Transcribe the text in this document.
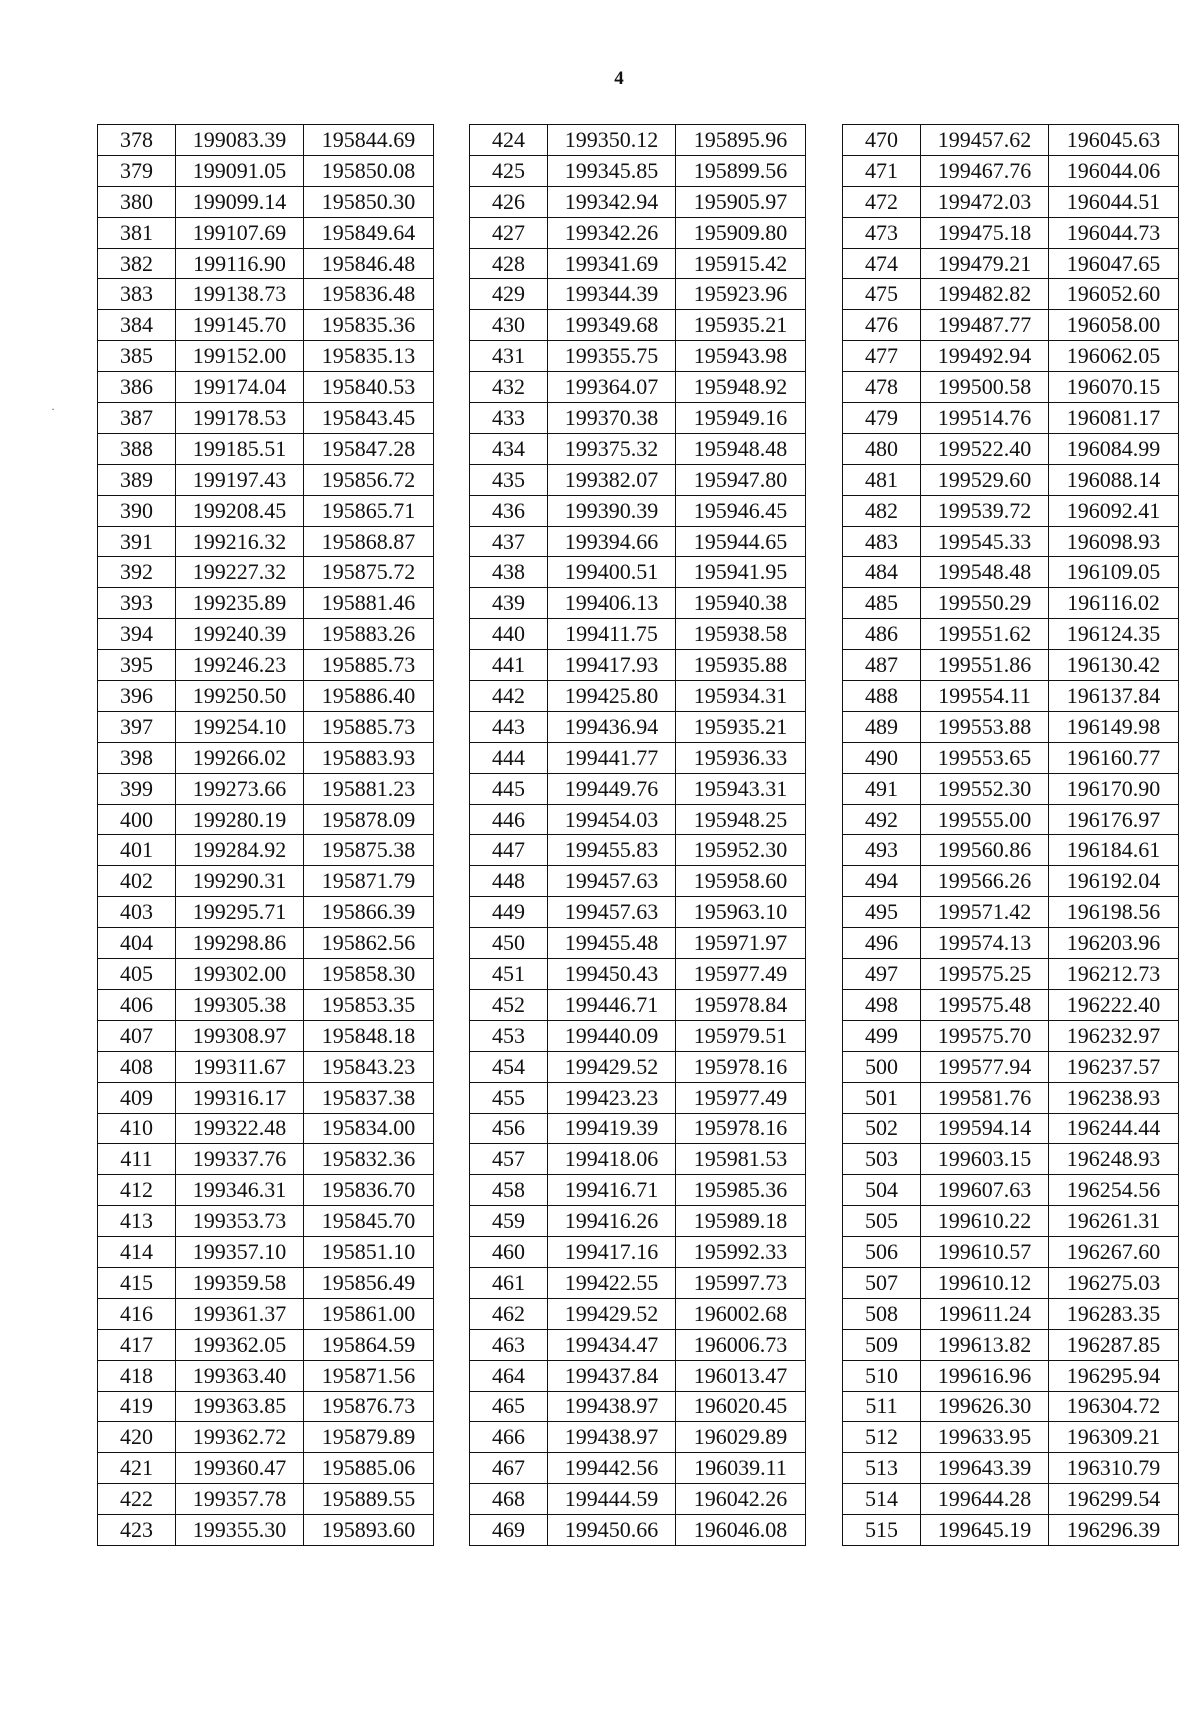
4
·
378	199083.39	195844.69
379	199091.05	195850.08
380	199099.14	195850.30
381	199107.69	195849.64
382	199116.90	195846.48
383	199138.73	195836.48
384	199145.70	195835.36
385	199152.00	195835.13
386	199174.04	195840.53
387	199178.53	195843.45
388	199185.51	195847.28
389	199197.43	195856.72
390	199208.45	195865.71
391	199216.32	195868.87
392	199227.32	195875.72
393	199235.89	195881.46
394	199240.39	195883.26
395	199246.23	195885.73
396	199250.50	195886.40
397	199254.10	195885.73
398	199266.02	195883.93
399	199273.66	195881.23
400	199280.19	195878.09
401	199284.92	195875.38
402	199290.31	195871.79
403	199295.71	195866.39
404	199298.86	195862.56
405	199302.00	195858.30
406	199305.38	195853.35
407	199308.97	195848.18
408	199311.67	195843.23
409	199316.17	195837.38
410	199322.48	195834.00
411	199337.76	195832.36
412	199346.31	195836.70
413	199353.73	195845.70
414	199357.10	195851.10
415	199359.58	195856.49
416	199361.37	195861.00
417	199362.05	195864.59
418	199363.40	195871.56
419	199363.85	195876.73
420	199362.72	195879.89
421	199360.47	195885.06
422	199357.78	195889.55
423	199355.30	195893.60
424	199350.12	195895.96
425	199345.85	195899.56
426	199342.94	195905.97
427	199342.26	195909.80
428	199341.69	195915.42
429	199344.39	195923.96
430	199349.68	195935.21
431	199355.75	195943.98
432	199364.07	195948.92
433	199370.38	195949.16
434	199375.32	195948.48
435	199382.07	195947.80
436	199390.39	195946.45
437	199394.66	195944.65
438	199400.51	195941.95
439	199406.13	195940.38
440	199411.75	195938.58
441	199417.93	195935.88
442	199425.80	195934.31
443	199436.94	195935.21
444	199441.77	195936.33
445	199449.76	195943.31
446	199454.03	195948.25
447	199455.83	195952.30
448	199457.63	195958.60
449	199457.63	195963.10
450	199455.48	195971.97
451	199450.43	195977.49
452	199446.71	195978.84
453	199440.09	195979.51
454	199429.52	195978.16
455	199423.23	195977.49
456	199419.39	195978.16
457	199418.06	195981.53
458	199416.71	195985.36
459	199416.26	195989.18
460	199417.16	195992.33
461	199422.55	195997.73
462	199429.52	196002.68
463	199434.47	196006.73
464	199437.84	196013.47
465	199438.97	196020.45
466	199438.97	196029.89
467	199442.56	196039.11
468	199444.59	196042.26
469	199450.66	196046.08
470	199457.62	196045.63
471	199467.76	196044.06
472	199472.03	196044.51
473	199475.18	196044.73
474	199479.21	196047.65
475	199482.82	196052.60
476	199487.77	196058.00
477	199492.94	196062.05
478	199500.58	196070.15
479	199514.76	196081.17
480	199522.40	196084.99
481	199529.60	196088.14
482	199539.72	196092.41
483	199545.33	196098.93
484	199548.48	196109.05
485	199550.29	196116.02
486	199551.62	196124.35
487	199551.86	196130.42
488	199554.11	196137.84
489	199553.88	196149.98
490	199553.65	196160.77
491	199552.30	196170.90
492	199555.00	196176.97
493	199560.86	196184.61
494	199566.26	196192.04
495	199571.42	196198.56
496	199574.13	196203.96
497	199575.25	196212.73
498	199575.48	196222.40
499	199575.70	196232.97
500	199577.94	196237.57
501	199581.76	196238.93
502	199594.14	196244.44
503	199603.15	196248.93
504	199607.63	196254.56
505	199610.22	196261.31
506	199610.57	196267.60
507	199610.12	196275.03
508	199611.24	196283.35
509	199613.82	196287.85
510	199616.96	196295.94
511	199626.30	196304.72
512	199633.95	196309.21
513	199643.39	196310.79
514	199644.28	196299.54
515	199645.19	196296.39
